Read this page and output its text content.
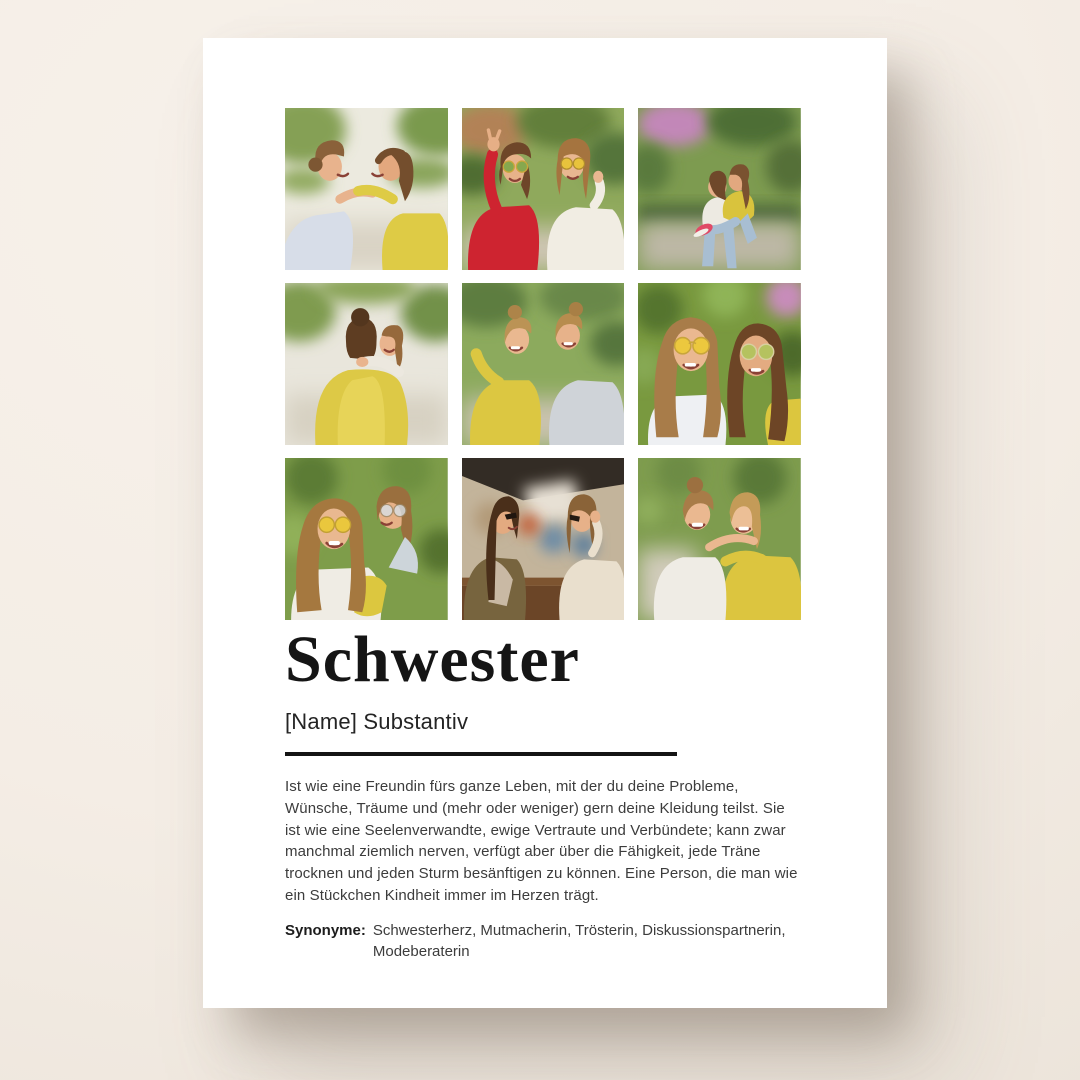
Schwester

[Name] Substantiv

Ist wie eine Freundin fürs ganze Leben, mit der du deine Probleme, Wünsche, Träume und (mehr oder weniger) gern deine Kleidung teilst. Sie ist wie eine Seelenverwandte, ewige Vertraute und Verbündete; kann zwar manchmal ziemlich nerven, verfügt aber über die Fähigkeit, jede Träne trocknen und jeden Sturm besänftigen zu können. Eine Person, die man wie ein Stückchen Kindheit immer im Herzen trägt.

Synonyme: Schwesterherz, Mutmacherin, Trösterin, Diskussionspartnerin, Modeberaterin
